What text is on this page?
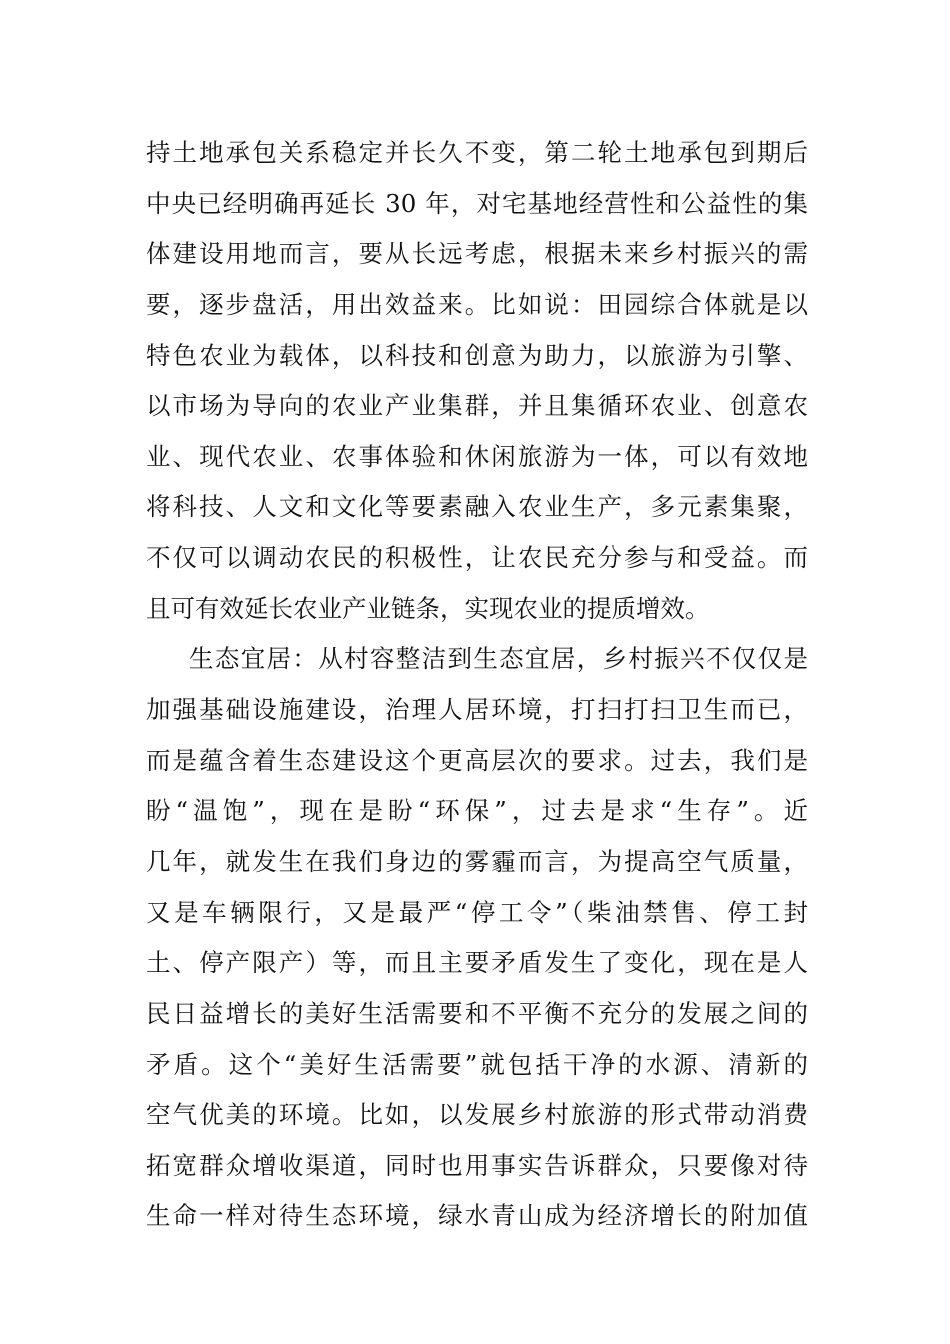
持土地承包关系稳定并长久不变，第二轮土地承包到期后
中央已经明确再延长 30 年，对宅基地经营性和公益性的集
体建设用地而言，要从长远考虑，根据未来乡村振兴的需
要，逐步盘活，用出效益来。比如说：田园综合体就是以
特色农业为载体，以科技和创意为助力，以旅游为引擎、
以市场为导向的农业产业集群，并且集循环农业、创意农
业、现代农业、农事体验和休闲旅游为一体，可以有效地
将科技、人文和文化等要素融入农业生产，多元素集聚，
不仅可以调动农民的积极性，让农民充分参与和受益。而
且可有效延长农业产业链条，实现农业的提质增效。
生态宜居：从村容整洁到生态宜居，乡村振兴不仅仅是
加强基础设施建设，治理人居环境，打扫打扫卫生而已，
而是蕴含着生态建设这个更高层次的要求。过去，我们是
盼“温饱”，现在是盼“环保”，过去是求“生存”。近
几年，就发生在我们身边的雾霾而言，为提高空气质量，
又是车辆限行，又是最严“停工令”（柴油禁售、停工封
土、停产限产）等，而且主要矛盾发生了变化，现在是人
民日益增长的美好生活需要和不平衡不充分的发展之间的
矛盾。这个“美好生活需要”就包括干净的水源、清新的
空气优美的环境。比如，以发展乡村旅游的形式带动消费
拓宽群众增收渠道，同时也用事实告诉群众，只要像对待
生命一样对待生态环境，绿水青山成为经济增长的附加值
